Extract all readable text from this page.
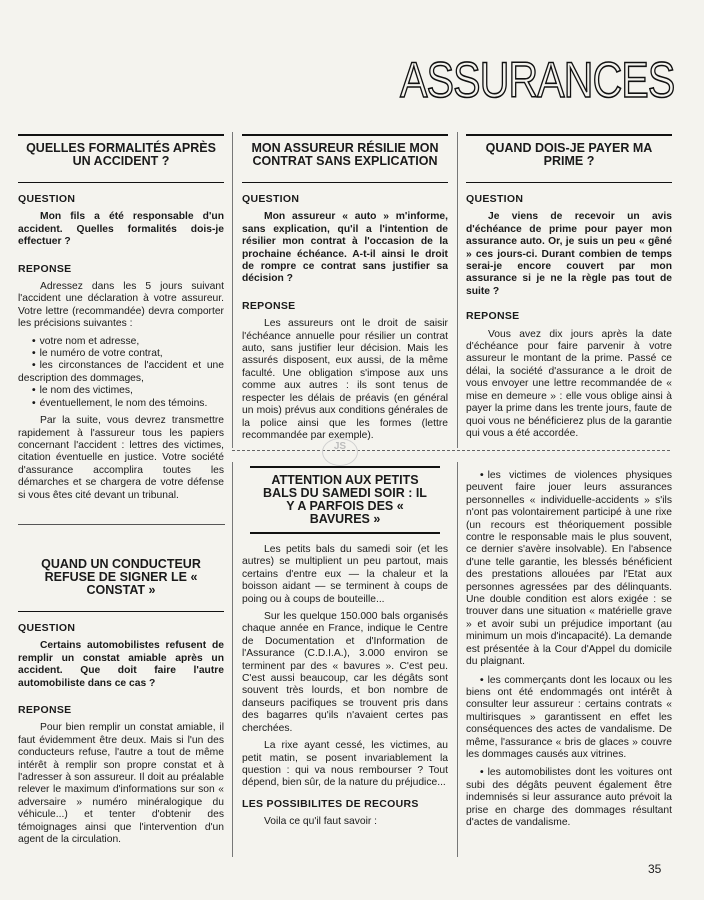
ASSURANCES
QUELLES FORMALITÉS APRÈS UN ACCIDENT ?
QUESTION
Mon fils a été responsable d'un accident. Quelles formalités dois-je effectuer ?
REPONSE

Adressez dans les 5 jours suivant l'accident une déclaration à votre assureur. Votre lettre (recommandée) devra comporter les précisions suivantes :

• votre nom et adresse,
• le numéro de votre contrat,
• les circonstances de l'accident et une description des dommages,
• le nom des victimes,
• éventuellement, le nom des témoins.

Par la suite, vous devrez transmettre rapidement à l'assureur tous les papiers concernant l'accident : lettres des victimes, citation éventuelle en justice. Votre société d'assurance accomplira toutes les démarches et se chargera de votre défense si vous êtes cité devant un tribunal.

MON ASSUREUR RÉSILIE MON CONTRAT SANS EXPLICATION
QUESTION
Mon assureur « auto » m'informe, sans explication, qu'il a l'intention de résilier mon contrat à l'occasion de la prochaine échéance. A-t-il ainsi le droit de rompre ce contrat sans justifier sa décision ?
REPONSE

Les assureurs ont le droit de saisir l'échéance annuelle pour résilier un contrat auto, sans justifier leur décision. Mais les assurés disposent, eux aussi, de la même faculté. Une obligation s'impose aux uns comme aux autres : ils sont tenus de respecter les délais de préavis (en général un mois) prévus aux conditions générales de la police ainsi que les formes (lettre recommandée par exemple).

QUAND DOIS-JE PAYER MA PRIME ?
QUESTION
Je viens de recevoir un avis d'échéance de prime pour payer mon assurance auto. Or, je suis un peu « gêné » ces jours-ci. Durant combien de temps serai-je encore couvert par mon assurance si je ne la règle pas tout de suite ?
REPONSE

Vous avez dix jours après la date d'échéance pour faire parvenir à votre assureur le montant de la prime. Passé ce délai, la société d'assurance a le droit de vous envoyer une lettre recommandée de « mise en demeure » : elle vous oblige ainsi à payer la prime dans les trente jours, faute de quoi vous ne bénéficierez plus de la garantie qui vous a été accordée.

QUAND UN CONDUCTEUR REFUSE DE SIGNER LE « CONSTAT »
QUESTION
Certains automobilistes refusent de remplir un constat amiable après un accident. Que doit faire l'autre automobiliste dans ce cas ?
REPONSE

Pour bien remplir un constat amiable, il faut évidemment être deux. Mais si l'un des conducteurs refuse, l'autre a tout de même intérêt à remplir son propre constat et à l'adresser à son assureur. Il doit au préalable relever le maximum d'informations sur son « adversaire » numéro minéralogique du véhicule...) et tenter d'obtenir des témoignages ainsi que l'intervention d'un agent de la circulation.

ATTENTION AUX PETITS BALS DU SAMEDI SOIR : IL Y A PARFOIS DES « BAVURES »

Les petits bals du samedi soir (et les autres) se multiplient un peu partout, mais certains d'entre eux — la chaleur et la boisson aidant — se terminent à coups de poing ou à coups de bouteille...

Sur les quelque 150.000 bals organisés chaque année en France, indique le Centre de Documentation et d'Information de l'Assurance (C.D.I.A.), 3.000 environ se terminent par des « bavures ». C'est peu. C'est aussi beaucoup, car les dégâts sont souvent très lourds, et bon nombre de danseurs pacifiques se trouvent pris dans des bagarres qu'ils n'avaient certes pas cherchées.

La rixe ayant cessé, les victimes, au petit matin, se posent invariablement la question : qui va nous rembourser ? Tout dépend, bien sûr, de la nature du préjudice...

LES POSSIBILITES DE RECOURS

Voila ce qu'il faut savoir :

• les victimes de violences physiques peuvent faire jouer leurs assurances personnelles « individuelle-accidents » s'ils n'ont pas volontairement participé à une rixe (un recours est théoriquement possible contre le responsable mais le plus souvent, ce dernier s'avère insolvable). En l'absence d'une telle garantie, les blessés bénéficient des prestations allouées par l'Etat aux personnes agressées par des délinquants. Une double condition est alors exigée : se trouver dans une situation « matérielle grave » et avoir subi un préjudice important (au minimum un mois d'incapacité). La demande est présentée à la Cour d'Appel du domicile du plaignant.
• les commerçants dont les locaux ou les biens ont été endommagés ont intérêt à consulter leur assureur : certains contrats « multirisques » garantissent en effet les conséquences des actes de vandalisme. De même, l'assurance « bris de glaces » couvre les dommages causés aux vitrines.
• les automobilistes dont les voitures ont subi des dégâts peuvent également être indemnisés si leur assurance auto prévoit la prise en charge des dommages résultant d'actes de vandalisme.
JS
35
